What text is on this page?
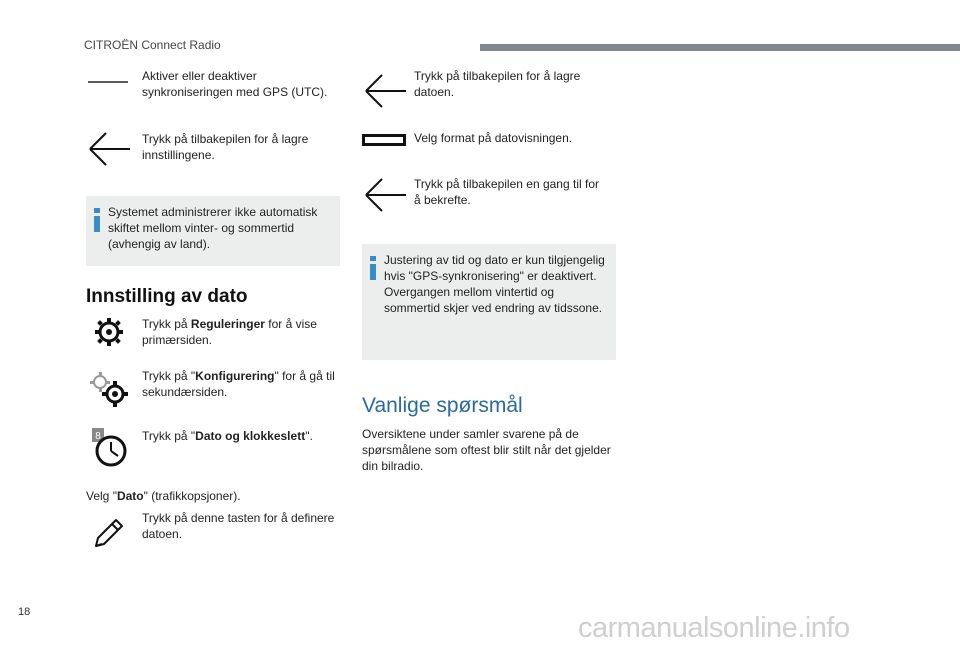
CITROËN Connect Radio
Aktiver eller deaktiver
synkroniseringen med GPS (UTC).
Trykk på tilbakepilen for å lagre
innstillingene.
Systemet administrerer ikke automatisk
skiftet mellom vinter- og sommertid
(avhengig av land).
Innstilling av dato
Trykk på Reguleringer for å vise
primærsiden.
Trykk på "Konfigurering" for å gå til
sekundærsiden.
8	Trykk på "Dato og klokkeslett".
Velg "Dato" (trafikkopsjoner).
Trykk på denne tasten for å definere
datoen.
Trykk på tilbakepilen for å lagre
datoen.
Velg format på datovisningen.
Trykk på tilbakepilen en gang til for
å bekrefte.
Justering av tid og dato er kun tilgjengelig
hvis "GPS-synkronisering" er deaktivert.
Overgangen mellom vintertid og
sommertid skjer ved endring av tidssone.
Vanlige spørsmål
Oversiktene under samler svarene på de
spørsmålene som oftest blir stilt når det gjelder
din bilradio.
18	carmanualsonline.info
